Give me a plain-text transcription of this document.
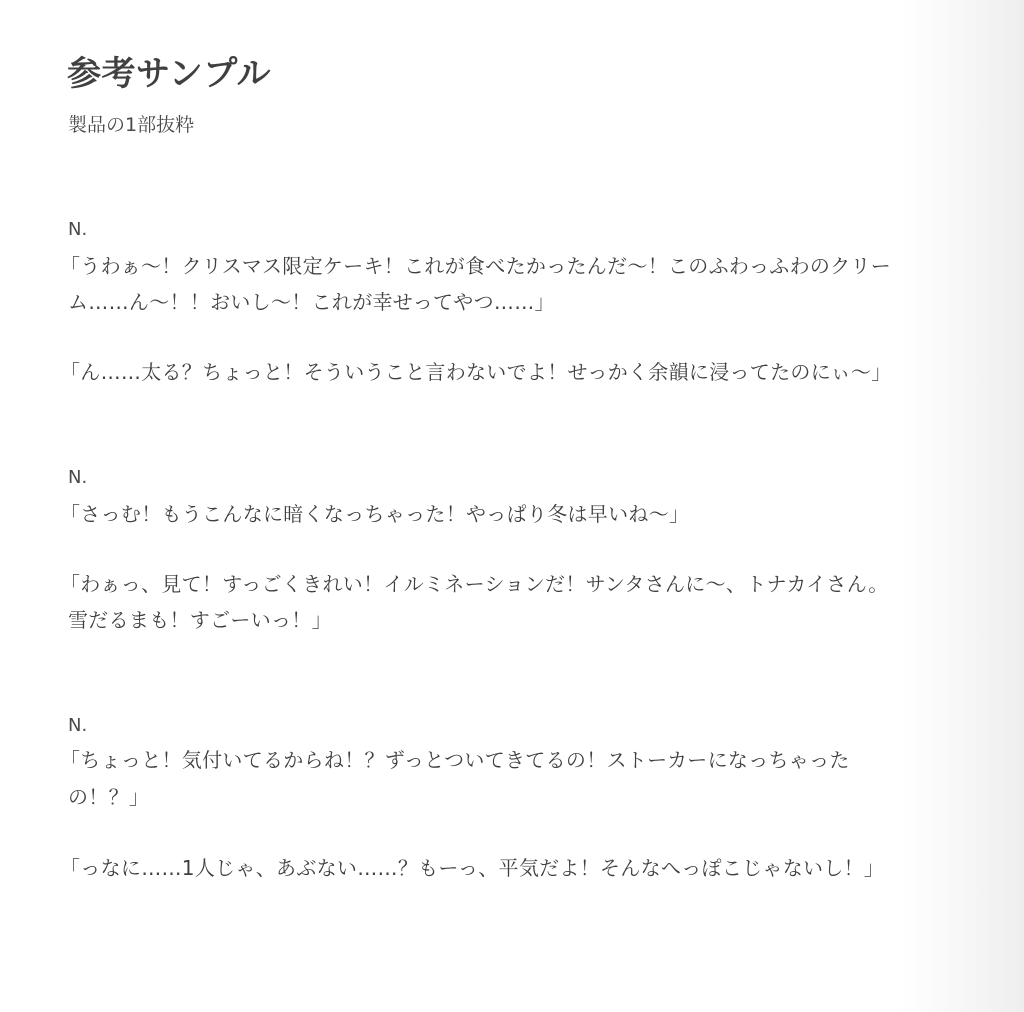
参考サンプル
製品の1部抜粋
N.
「うわぁ〜！クリスマス限定ケーキ！これが食べたかったんだ〜！このふわっふわのクリー
ム……ん〜！！おいし〜！これが幸せってやつ……」
「ん……太る？ちょっと！そういうこと言わないでよ！せっかく余韻に浸ってたのにぃ〜」
N.
「さっむ！もうこんなに暗くなっちゃった！やっぱり冬は早いね〜」
「わぁっ、見て！すっごくきれい！イルミネーションだ！サンタさんに〜、トナカイさん。
雪だるまも！すごーいっ！」
N.
「ちょっと！気付いてるからね！？ずっとついてきてるの！ストーカーになっちゃった
の！？」
「っなに……1人じゃ、あぶない……？もーっ、平気だよ！そんなへっぽこじゃないし！」
